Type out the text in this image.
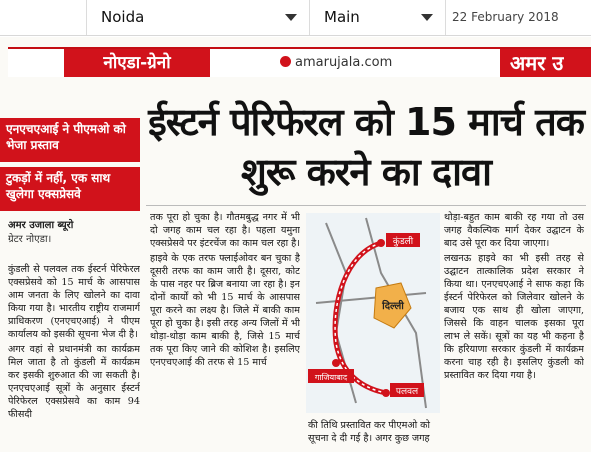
Noida	Main	22 February 2018
नोएडा-ग्रेनो	amarujala.com	अमर उ
एनएचएआई ने पीएमओ को भेजा प्रस्ताव
टुकड़ों में नहीं, एक साथ खुलेगा एक्सप्रेसवे
ईस्टर्न पेरिफेरल को 15 मार्च तक शुरू करने का दावा
अमर उजाला ब्यूरो
ग्रेटर नोएडा।

कुंडली से पलवल तक ईस्टर्न पेरिफेरल एक्सप्रेसवे को 15 मार्च के आसपास आम जनता के लिए खोलने का दावा किया गया है। भारतीय राष्ट्रीय राजमार्ग प्राधिकरण (एनएचएआई) ने पीएम कार्यालय को इसकी सूचना भेज दी है।

अगर वहां से प्रधानमंत्री का कार्यक्रम मिल जाता है तो कुंडली में कार्यक्रम कर इसकी शुरुआत की जा सकती है। एनएचएआई सूत्रों के अनुसार ईस्टर्न पेरिफेरल एक्सप्रेसवे का काम 94 फीसदी

तक पूरा हो चुका है। गौतमबुद्ध नगर में भी दो जगह काम चल रहा है। पहला यमुना एक्सप्रेसवे पर इंटरचेंज का काम चल रहा है।

हाइवे के एक तरफ फ्लाईओवर बन चुका है दूसरी तरफ का काम जारी है। दूसरा, कोट के पास नहर पर ब्रिज बनाया जा रहा है। इन दोनों कार्यों को भी 15 मार्च के आसपास पूरा करने का लक्ष्य है। जिले में बाकी काम पूरा हो चुका है। इसी तरह अन्य जिलों में भी थोड़ा-थोड़ा काम बाकी है, जिसे 15 मार्च तक पूरा किए जाने की कोशिश है। इसलिए एनएचएआई की तरफ से 15 मार्च

कुंडली
दिल्ली
पलवल
गाजियाबाद
की तिथि प्रस्तावित कर पीएमओ को सूचना दे दी गई है। अगर कुछ जगह

थोड़ा-बहुत काम बाकी रह गया तो उस जगह वैकल्पिक मार्ग देकर उद्घाटन के बाद उसे पूरा कर दिया जाएगा।

लखनऊ हाइवे का भी इसी तरह से उद्घाटन तात्कालिक प्रदेश सरकार ने किया था। एनएचएआई ने साफ कहा कि ईस्टर्न पेरिफेरल को जिलेवार खोलने के बजाय एक साथ ही खोला जाएगा, जिससे कि वाहन चालक इसका पूरा लाभ ले सकें। सूत्रों का यह भी कहना है कि हरियाणा सरकार कुंडली में कार्यक्रम करना चाह रही है। इसलिए कुंडली को प्रस्तावित कर दिया गया है।
